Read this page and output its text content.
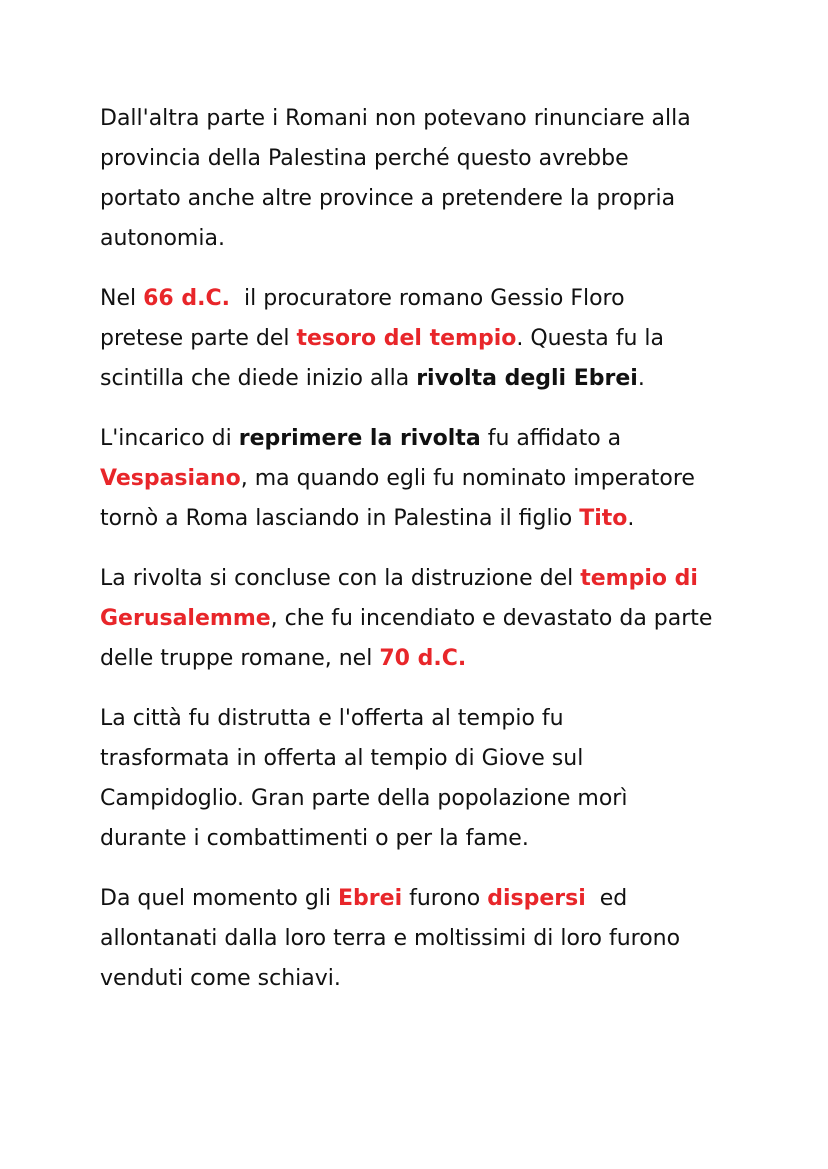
Dall'altra parte i Romani non potevano rinunciare alla
provincia della Palestina perché questo avrebbe
portato anche altre province a pretendere la propria
autonomia.
Nel 66 d.C.  il procuratore romano Gessio Floro
pretese parte del tesoro del tempio. Questa fu la
scintilla che diede inizio alla rivolta degli Ebrei.
L'incarico di reprimere la rivolta fu affidato a
Vespasiano, ma quando egli fu nominato imperatore
tornò a Roma lasciando in Palestina il figlio Tito.
La rivolta si concluse con la distruzione del tempio di
Gerusalemme, che fu incendiato e devastato da parte
delle truppe romane, nel 70 d.C.
La città fu distrutta e l'offerta al tempio fu
trasformata in offerta al tempio di Giove sul
Campidoglio. Gran parte della popolazione morì
durante i combattimenti o per la fame.
Da quel momento gli Ebrei furono dispersi  ed
allontanati dalla loro terra e moltissimi di loro furono
venduti come schiavi.
